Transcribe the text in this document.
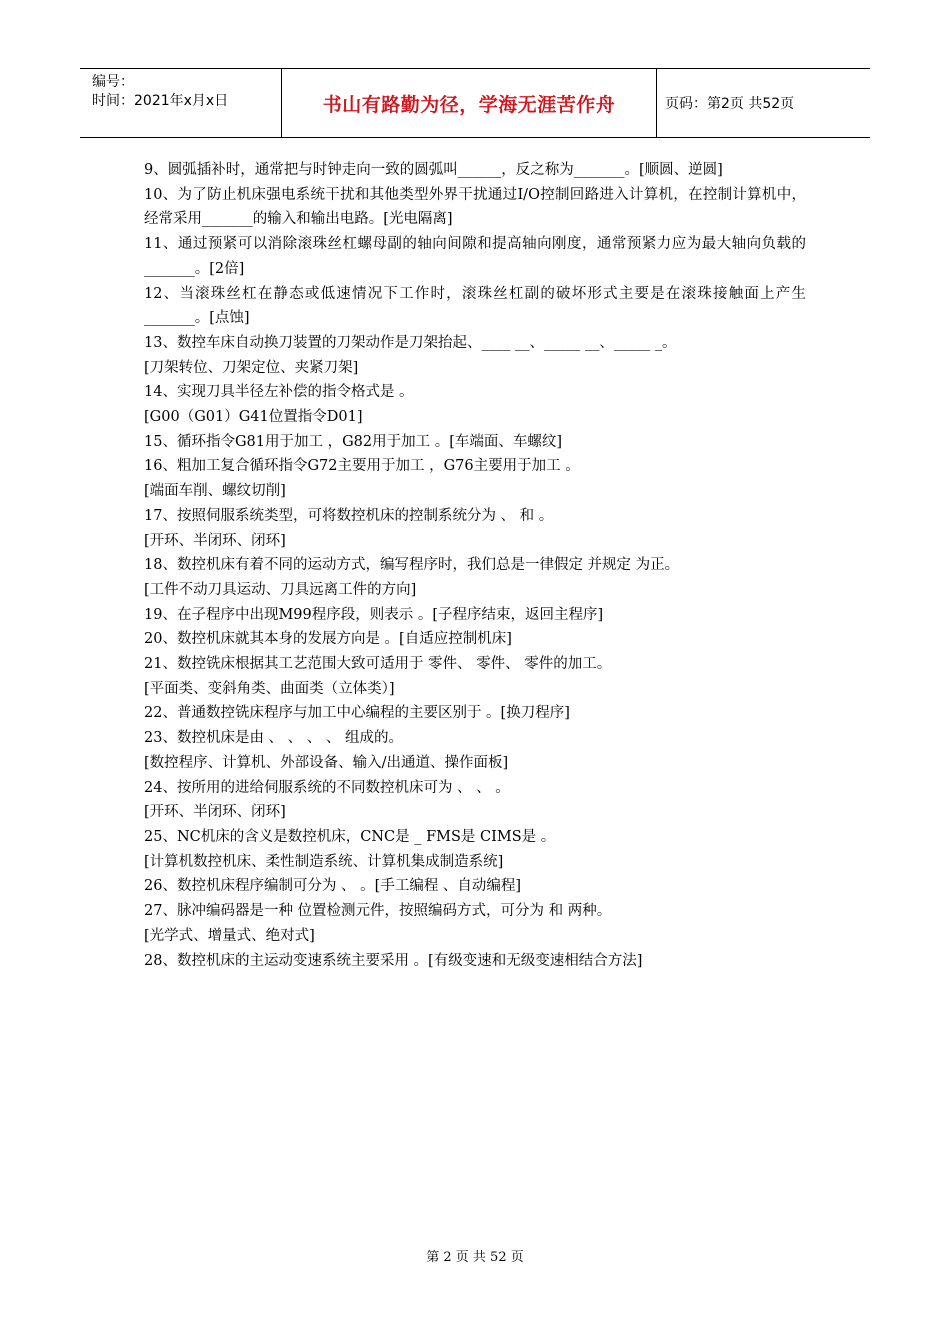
编号：
时间：2021年x月x日	书山有路勤为径，学海无涯苦作舟	页码：第2页 共52页

9、圆弧插补时，通常把与时钟走向一致的圆弧叫______，反之称为_______。[顺圆、逆圆]

10、为了防止机床强电系统干扰和其他类型外界干扰通过I/O控制回路进入计算机，在控制计算机中，经常采用_______的输入和输出电路。[光电隔离]

11、通过预紧可以消除滚珠丝杠螺母副的轴向间隙和提高轴向刚度，通常预紧力应为最大轴向负载的_______。[2倍]

12、当滚珠丝杠在静态或低速情况下工作时，滚珠丝杠副的破坏形式主要是在滚珠接触面上产生_______。[点蚀]

13、数控车床自动换刀装置的刀架动作是刀架抬起、____ __、_____ __、_____ _。

[刀架转位、刀架定位、夹紧刀架]

14、实现刀具半径左补偿的指令格式是 。

[G00（G01）G41位置指令D01]

15、循环指令G81用于加工 ，G82用于加工 。[车端面、车螺纹]

16、粗加工复合循环指令G72主要用于加工 ，G76主要用于加工 。

[端面车削、螺纹切削]

17、按照伺服系统类型，可将数控机床的控制系统分为 、 和 。

[开环、半闭环、闭环]

18、数控机床有着不同的运动方式，编写程序时，我们总是一律假定 并规定 为正。

[工件不动刀具运动、刀具远离工件的方向]

19、在子程序中出现M99程序段，则表示 。[子程序结束，返回主程序]

20、数控机床就其本身的发展方向是 。[自适应控制机床]

21、数控铣床根据其工艺范围大致可适用于 零件、 零件、 零件的加工。

[平面类、变斜角类、曲面类（立体类）]

22、普通数控铣床程序与加工中心编程的主要区别于 。[换刀程序]

23、数控机床是由 、 、 、 、 组成的。

[数控程序、计算机、外部设备、输入/出通道、操作面板]

24、按所用的进给伺服系统的不同数控机床可为 、 、 。

[开环、半闭环、闭环]

25、NC机床的含义是数控机床，CNC是 _ FMS是 CIMS是 。

[计算机数控机床、柔性制造系统、计算机集成制造系统]

26、数控机床程序编制可分为 、 。[手工编程 、自动编程]

27、脉冲编码器是一种 位置检测元件，按照编码方式，可分为 和 两种。

[光学式、增量式、绝对式]

28、数控机床的主运动变速系统主要采用 。[有级变速和无级变速相结合方法]

第 2 页 共 52 页
